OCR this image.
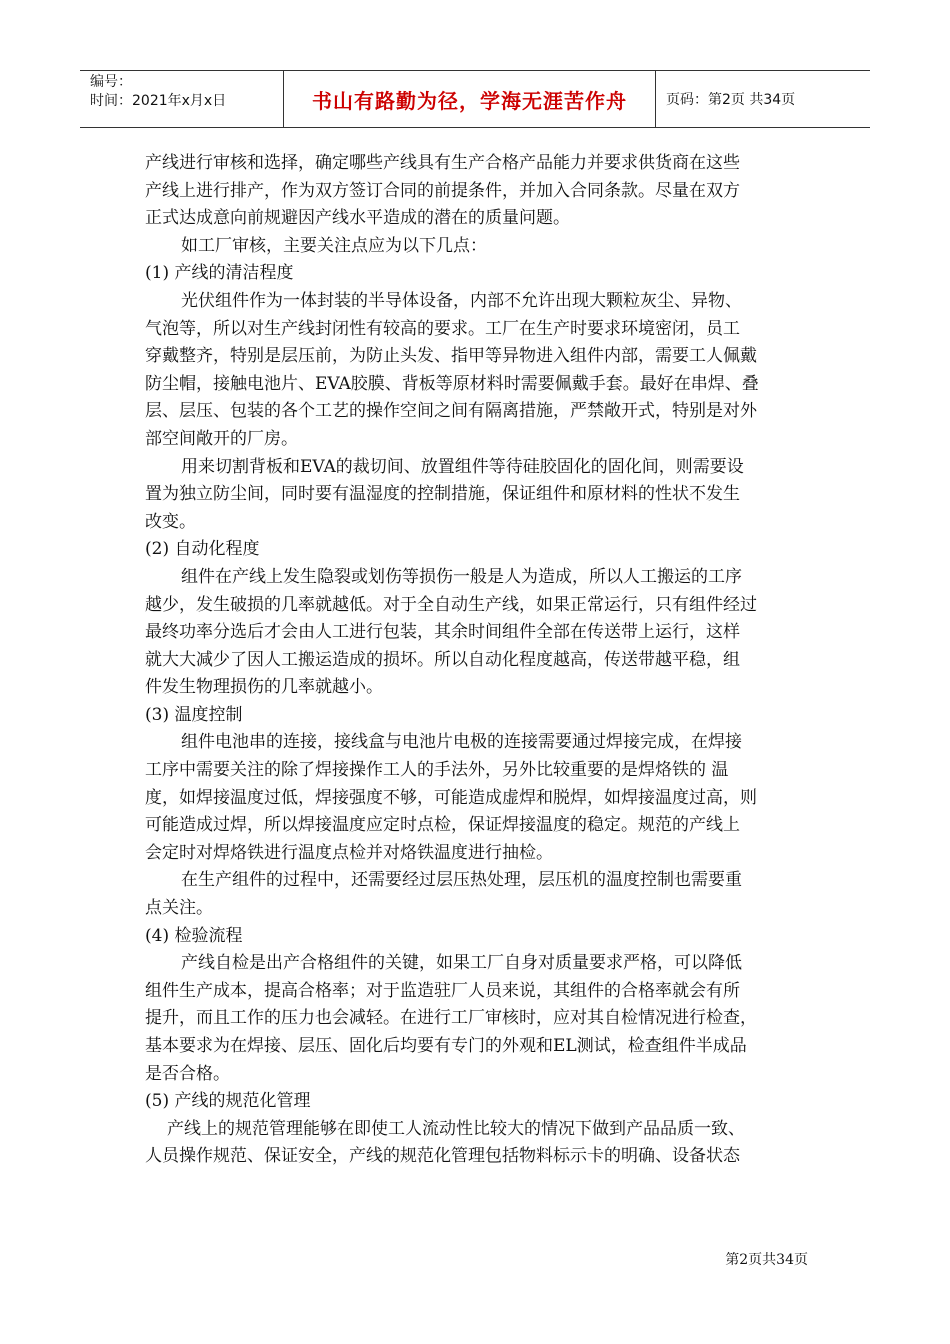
编号：
时间：2021年x月x日	书山有路勤为径，学海无涯苦作舟	页码：第2页 共34页
产线进行审核和选择，确定哪些产线具有生产合格产品能力并要求供货商在这些
产线上进行排产，作为双方签订合同的前提条件，并加入合同条款。尽量在双方
正式达成意向前规避因产线水平造成的潜在的质量问题。
如工厂审核，主要关注点应为以下几点：
(1) 产线的清洁程度
光伏组件作为一体封装的半导体设备，内部不允许出现大颗粒灰尘、异物、
气泡等，所以对生产线封闭性有较高的要求。工厂在生产时要求环境密闭，员工
穿戴整齐，特别是层压前，为防止头发、指甲等异物进入组件内部，需要工人佩戴
防尘帽，接触电池片、EVA胶膜、背板等原材料时需要佩戴手套。最好在串焊、叠
层、层压、包装的各个工艺的操作空间之间有隔离措施，严禁敞开式，特别是对外
部空间敞开的厂房。
用来切割背板和EVA的裁切间、放置组件等待硅胶固化的固化间，则需要设
置为独立防尘间，同时要有温湿度的控制措施，保证组件和原材料的性状不发生
改变。
(2) 自动化程度
组件在产线上发生隐裂或划伤等损伤一般是人为造成，所以人工搬运的工序
越少，发生破损的几率就越低。对于全自动生产线，如果正常运行，只有组件经过
最终功率分选后才会由人工进行包装，其余时间组件全部在传送带上运行，这样
就大大减少了因人工搬运造成的损坏。所以自动化程度越高，传送带越平稳，组
件发生物理损伤的几率就越小。
(3) 温度控制
组件电池串的连接，接线盒与电池片电极的连接需要通过焊接完成，在焊接
工序中需要关注的除了焊接操作工人的手法外，另外比较重要的是焊烙铁的 温
度，如焊接温度过低，焊接强度不够，可能造成虚焊和脱焊，如焊接温度过高，则
可能造成过焊，所以焊接温度应定时点检，保证焊接温度的稳定。规范的产线上
会定时对焊烙铁进行温度点检并对烙铁温度进行抽检。
在生产组件的过程中，还需要经过层压热处理，层压机的温度控制也需要重
点关注。
(4) 检验流程
产线自检是出产合格组件的关键，如果工厂自身对质量要求严格，可以降低
组件生产成本，提高合格率；对于监造驻厂人员来说，其组件的合格率就会有所
提升，而且工作的压力也会减轻。在进行工厂审核时，应对其自检情况进行检查，
基本要求为在焊接、层压、固化后均要有专门的外观和EL测试，检查组件半成品
是否合格。
(5) 产线的规范化管理
产线上的规范管理能够在即使工人流动性比较大的情况下做到产品品质一致、
人员操作规范、保证安全，产线的规范化管理包括物料标示卡的明确、设备状态
第2页共34页
